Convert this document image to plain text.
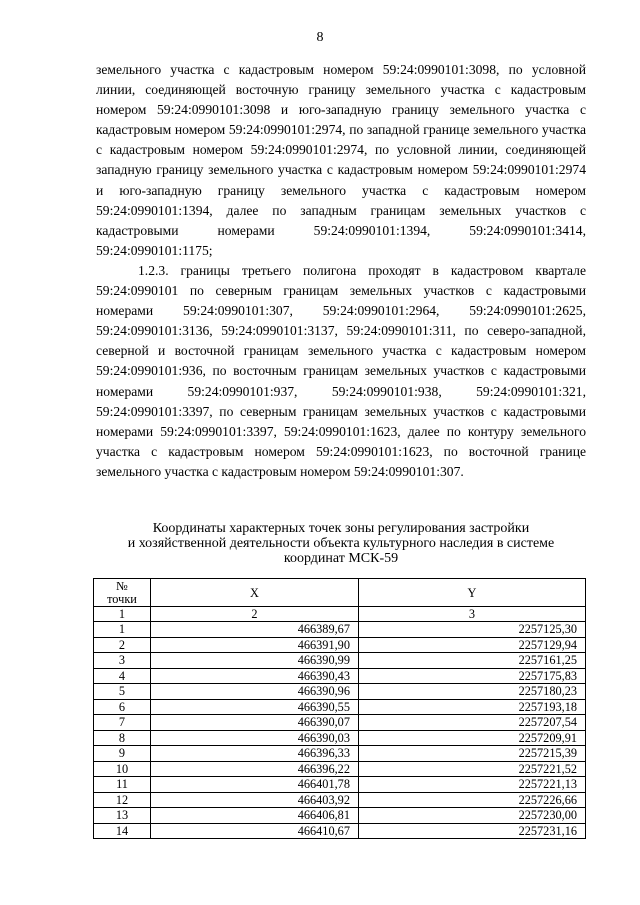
8

земельного участка с кадастровым номером 59:24:0990101:3098, по условной линии, соединяющей восточную границу земельного участка с кадастровым номером 59:24:0990101:3098 и юго-западную границу земельного участка с кадастровым номером 59:24:0990101:2974, по западной границе земельного участка с кадастровым номером 59:24:0990101:2974, по условной линии, соединяющей западную границу земельного участка с кадастровым номером 59:24:0990101:2974 и юго-западную границу земельного участка с кадастровым номером 59:24:0990101:1394, далее по западным границам земельных участков с кадастровыми номерами 59:24:0990101:1394, 59:24:0990101:3414, 59:24:0990101:1175;

1.2.3. границы третьего полигона проходят в кадастровом квартале 59:24:0990101 по северным границам земельных участков с кадастровыми номерами 59:24:0990101:307, 59:24:0990101:2964, 59:24:0990101:2625, 59:24:0990101:3136, 59:24:0990101:3137, 59:24:0990101:311, по северо-западной, северной и восточной границам земельного участка с кадастровым номером 59:24:0990101:936, по восточным границам земельных участков с кадастровыми номерами 59:24:0990101:937, 59:24:0990101:938, 59:24:0990101:321, 59:24:0990101:3397, по северным границам земельных участков с кадастровыми номерами 59:24:0990101:3397, 59:24:0990101:1623, далее по контуру земельного участка с кадастровым номером 59:24:0990101:1623, по восточной границе земельного участка с кадастровым номером 59:24:0990101:307.

Координаты характерных точек зоны регулирования застройки
и хозяйственной деятельности объекта культурного наследия в системе
координат МСК-59
№
точки	X	Y
1	2	3
1	466389,67	2257125,30
2	466391,90	2257129,94
3	466390,99	2257161,25
4	466390,43	2257175,83
5	466390,96	2257180,23
6	466390,55	2257193,18
7	466390,07	2257207,54
8	466390,03	2257209,91
9	466396,33	2257215,39
10	466396,22	2257221,52
11	466401,78	2257221,13
12	466403,92	2257226,66
13	466406,81	2257230,00
14	466410,67	2257231,16
